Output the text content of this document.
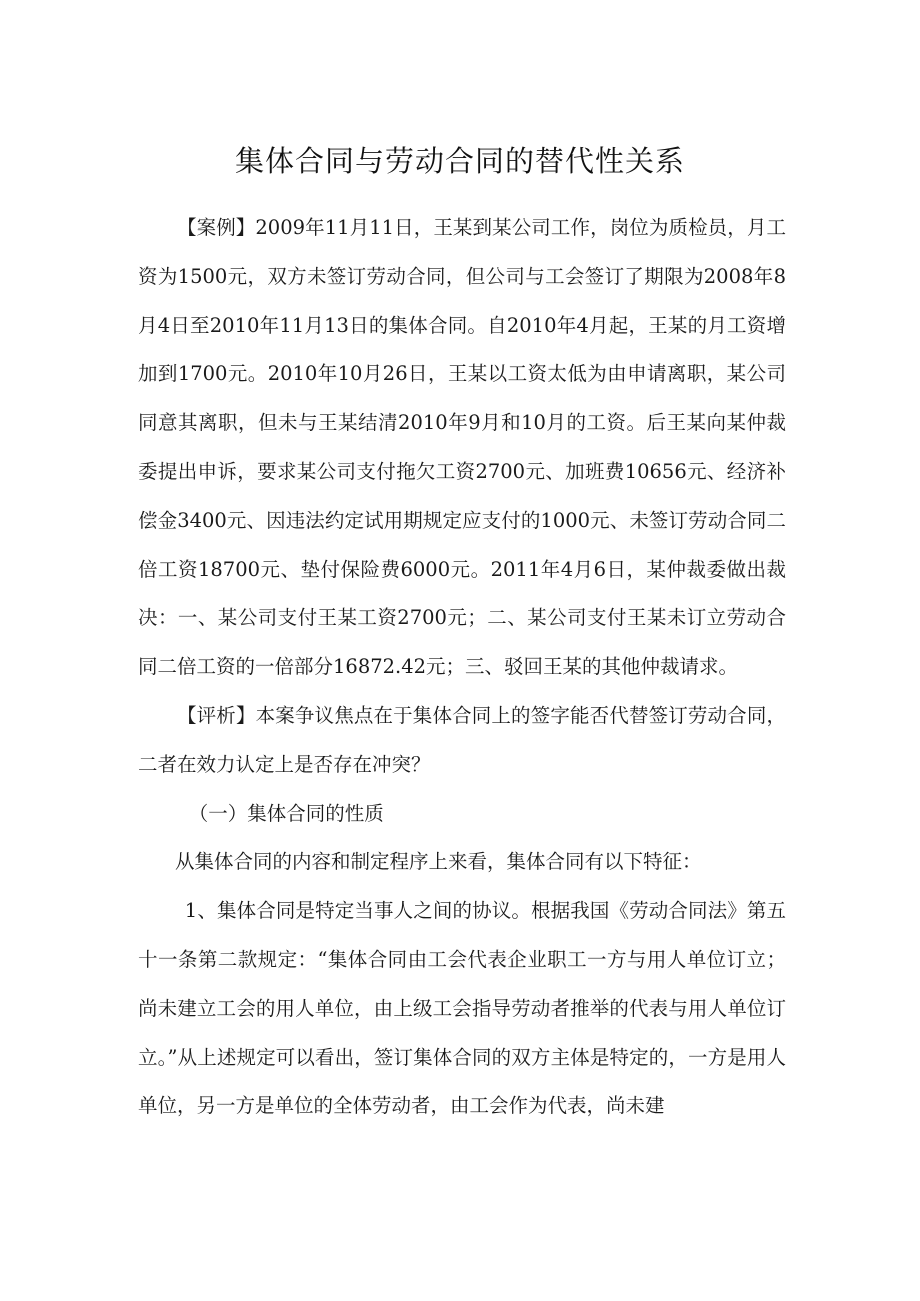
集体合同与劳动合同的替代性关系

【案例】2009年11月11日，王某到某公司工作，岗位为质检员，月工资为1500元，双方未签订劳动合同，但公司与工会签订了期限为2008年8月4日至2010年11月13日的集体合同。自2010年4月起，王某的月工资增加到1700元。2010年10月26日，王某以工资太低为由申请离职，某公司同意其离职，但未与王某结清2010年9月和10月的工资。后王某向某仲裁委提出申诉，要求某公司支付拖欠工资2700元、加班费10656元、经济补偿金3400元、因违法约定试用期规定应支付的1000元、未签订劳动合同二倍工资18700元、垫付保险费6000元。2011年4月6日，某仲裁委做出裁决：一、某公司支付王某工资2700元；二、某公司支付王某未订立劳动合同二倍工资的一倍部分16872.42元；三、驳回王某的其他仲裁请求。

【评析】本案争议焦点在于集体合同上的签字能否代替签订劳动合同，二者在效力认定上是否存在冲突？

（一）集体合同的性质

从集体合同的内容和制定程序上来看，集体合同有以下特征：

1、集体合同是特定当事人之间的协议。根据我国《劳动合同法》第五十一条第二款规定：“集体合同由工会代表企业职工一方与用人单位订立；尚未建立工会的用人单位，由上级工会指导劳动者推举的代表与用人单位订立。”从上述规定可以看出，签订集体合同的双方主体是特定的，一方是用人单位，另一方是单位的全体劳动者，由工会作为代表，尚未建
